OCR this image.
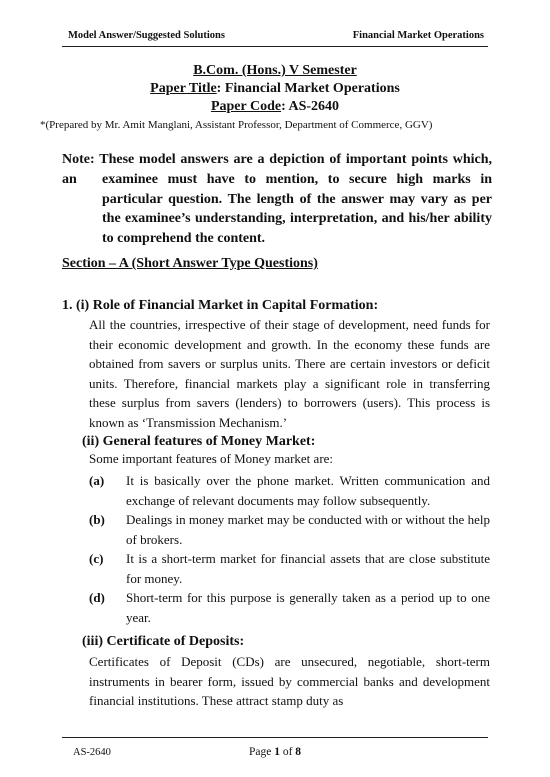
Model Answer/Suggested Solutions	Financial Market Operations
B.Com. (Hons.) V Semester
Paper Title: Financial Market Operations
Paper Code: AS-2640
*(Prepared by Mr. Amit Manglani, Assistant Professor, Department of Commerce, GGV)
Note: These model answers are a depiction of important points which, an	examinee must have to mention, to secure high marks in particular question. The length of the answer may vary as per the examinee’s understanding, interpretation, and his/her ability to comprehend the content.
Section – A (Short Answer Type Questions)
1. (i) Role of Financial Market in Capital Formation:
All the countries, irrespective of their stage of development, need funds for their economic development and growth. In the economy these funds are obtained from savers or surplus units. There are certain investors or deficit units. Therefore, financial markets play a significant role in transferring these surplus from savers (lenders) to borrowers (users). This process is known as ‘Transmission Mechanism.’
(ii) General features of Money Market:
Some important features of Money market are:
(a) It is basically over the phone market. Written communication and exchange of relevant documents may follow subsequently.
(b) Dealings in money market may be conducted with or without the help of brokers.
(c) It is a short-term market for financial assets that are close substitute for money.
(d) Short-term for this purpose is generally taken as a period up to one year.
(iii) Certificate of Deposits:
Certificates of Deposit (CDs) are unsecured, negotiable, short-term instruments in bearer form, issued by commercial banks and development financial institutions. These attract stamp duty as
AS-2640	Page 1 of 8
